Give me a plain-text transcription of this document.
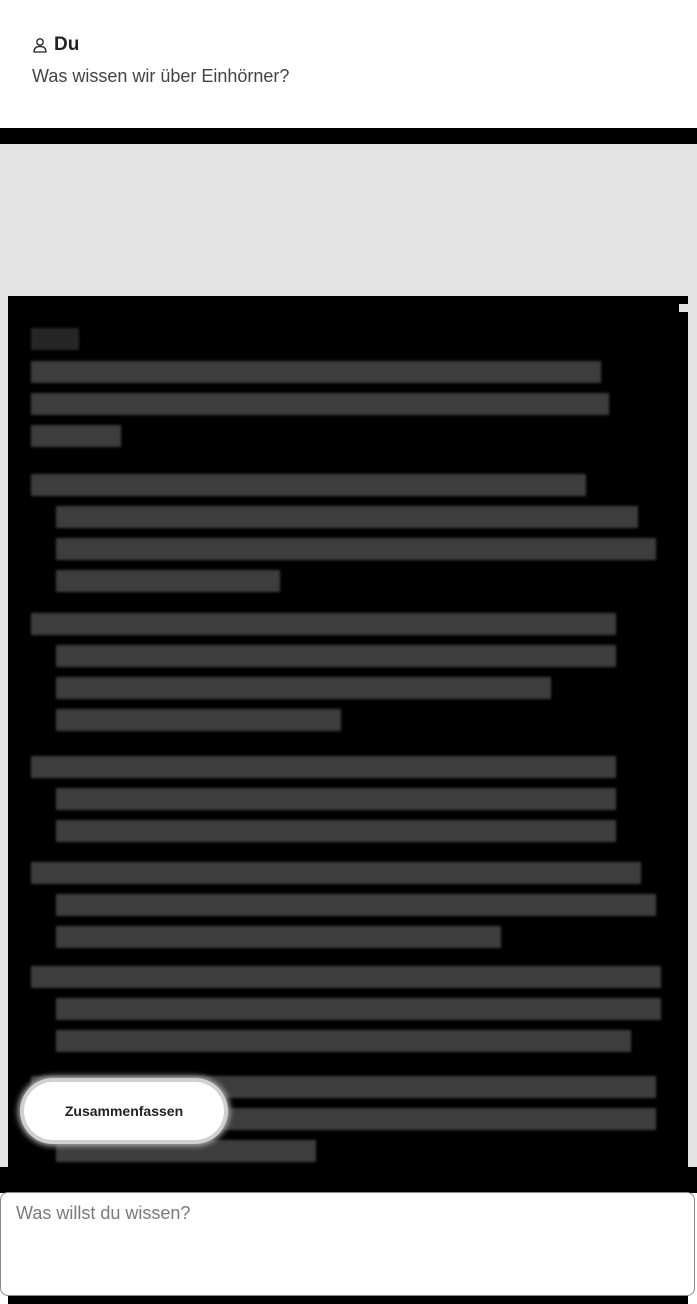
Du
Was wissen wir über Einhörner?
Zusammenfassen
Was willst du wissen?
